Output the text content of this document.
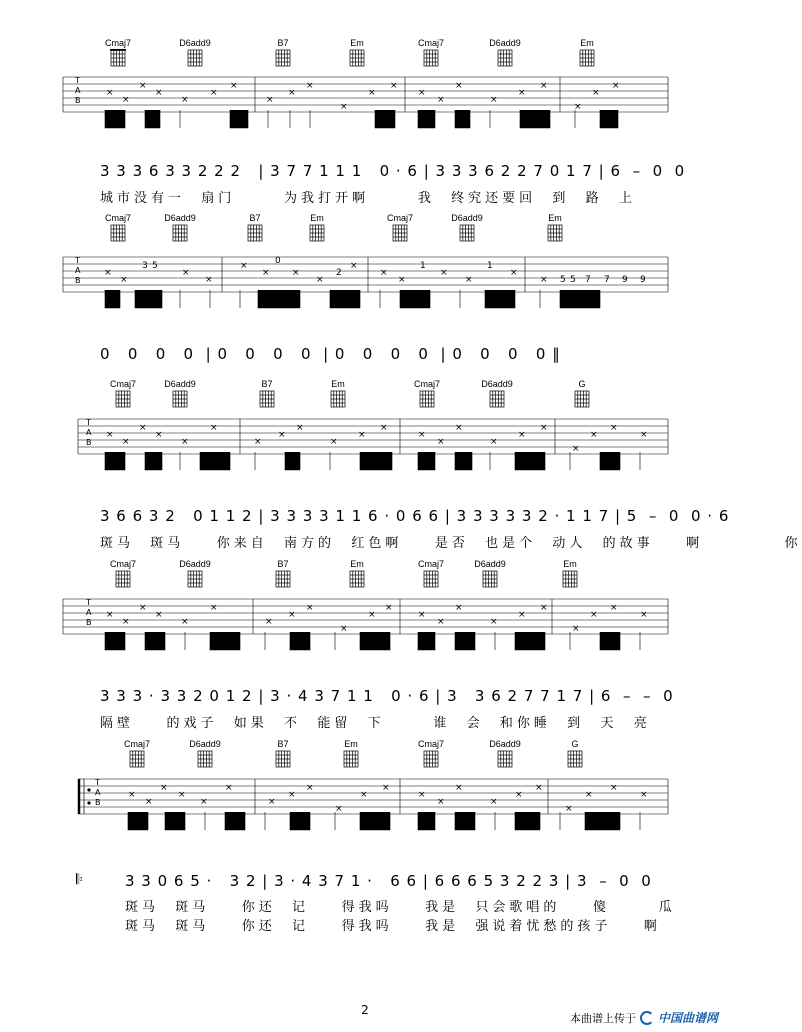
Cmaj7	D6add9	B7	Em	Cmaj7	D6add9	Em
T
A
B
×
×
×
×
×
×
×
×
×
×
×
×
×
×
×
×
×
×
×
×
×
×
3 3 3 6 3 3 2 2 2   | 3 7 7 1 1 1   0 · 6 | 3 3 3 6 2 2 7 0 1 7 | 6  –  0  0
城市没有一  扇门      为我打开啊      我  终究还要回  到  路  上
Cmaj7	D6add9	B7	Em	Cmaj7	D6add9	Em
T
A
B
×
×
3 5
×
×
×
×
0
×
×
2
×
×
×
1
×
×
1
×
× 5 5 7 7 9 9
0   0   0   0  | 0   0   0   0  | 0   0   0   0  | 0   0   0   0 ‖
Cmaj7	D6add9	B7	Em	Cmaj7	D6add9	G
T
A
B
×
×
×
×
×
×
×
×
×
×
×
×
×
×
×
×
×
×
×
×
×
×
3 6 6 3 2   0 1 1 2 | 3 3 3 3 1 1 6 · 0 6 6 | 3 3 3 3 3 2 · 1 1 7 | 5  –  0  0 · 6
斑马  斑马    你来自  南方的  红色啊    是否  也是个  动人  的故事    啊          你
Cmaj7	D6add9	B7	Em	Cmaj7	D6add9	Em
T
A
B
×
×
×
×
×
×
×
×
×
×
×
×
×
×
×
×
×
×
×
×
×
×
3 3 3 · 3 3 2 0 1 2 | 3 · 4 3 7 1 1   0 · 6 | 3   3 6 2 7 7 1 7 | 6  –  –  0
隔壁    的戏子  如果  不  能留  下      谁  会  和你睡  到  天  亮
Cmaj7	D6add9	B7	Em	Cmaj7	D6add9	G
T
A
B
×
×
×
×
×
×
×
×
×
×
×
×
×
×
×
×
×
×
×
×
×
×
𝄆	3 3 0 6 5 ·   3 2 | 3 · 4 3 7 1 ·   6 6 | 6 6 6 5 3 2 2 3 | 3  –  0  0
斑马  斑马    你还  记    得我吗    我是  只会歌唱的    傻      瓜
斑马  斑马    你还  记    得我吗    我是  强说着忧愁的孩子    啊
2
本曲谱上传于 中国曲谱网
